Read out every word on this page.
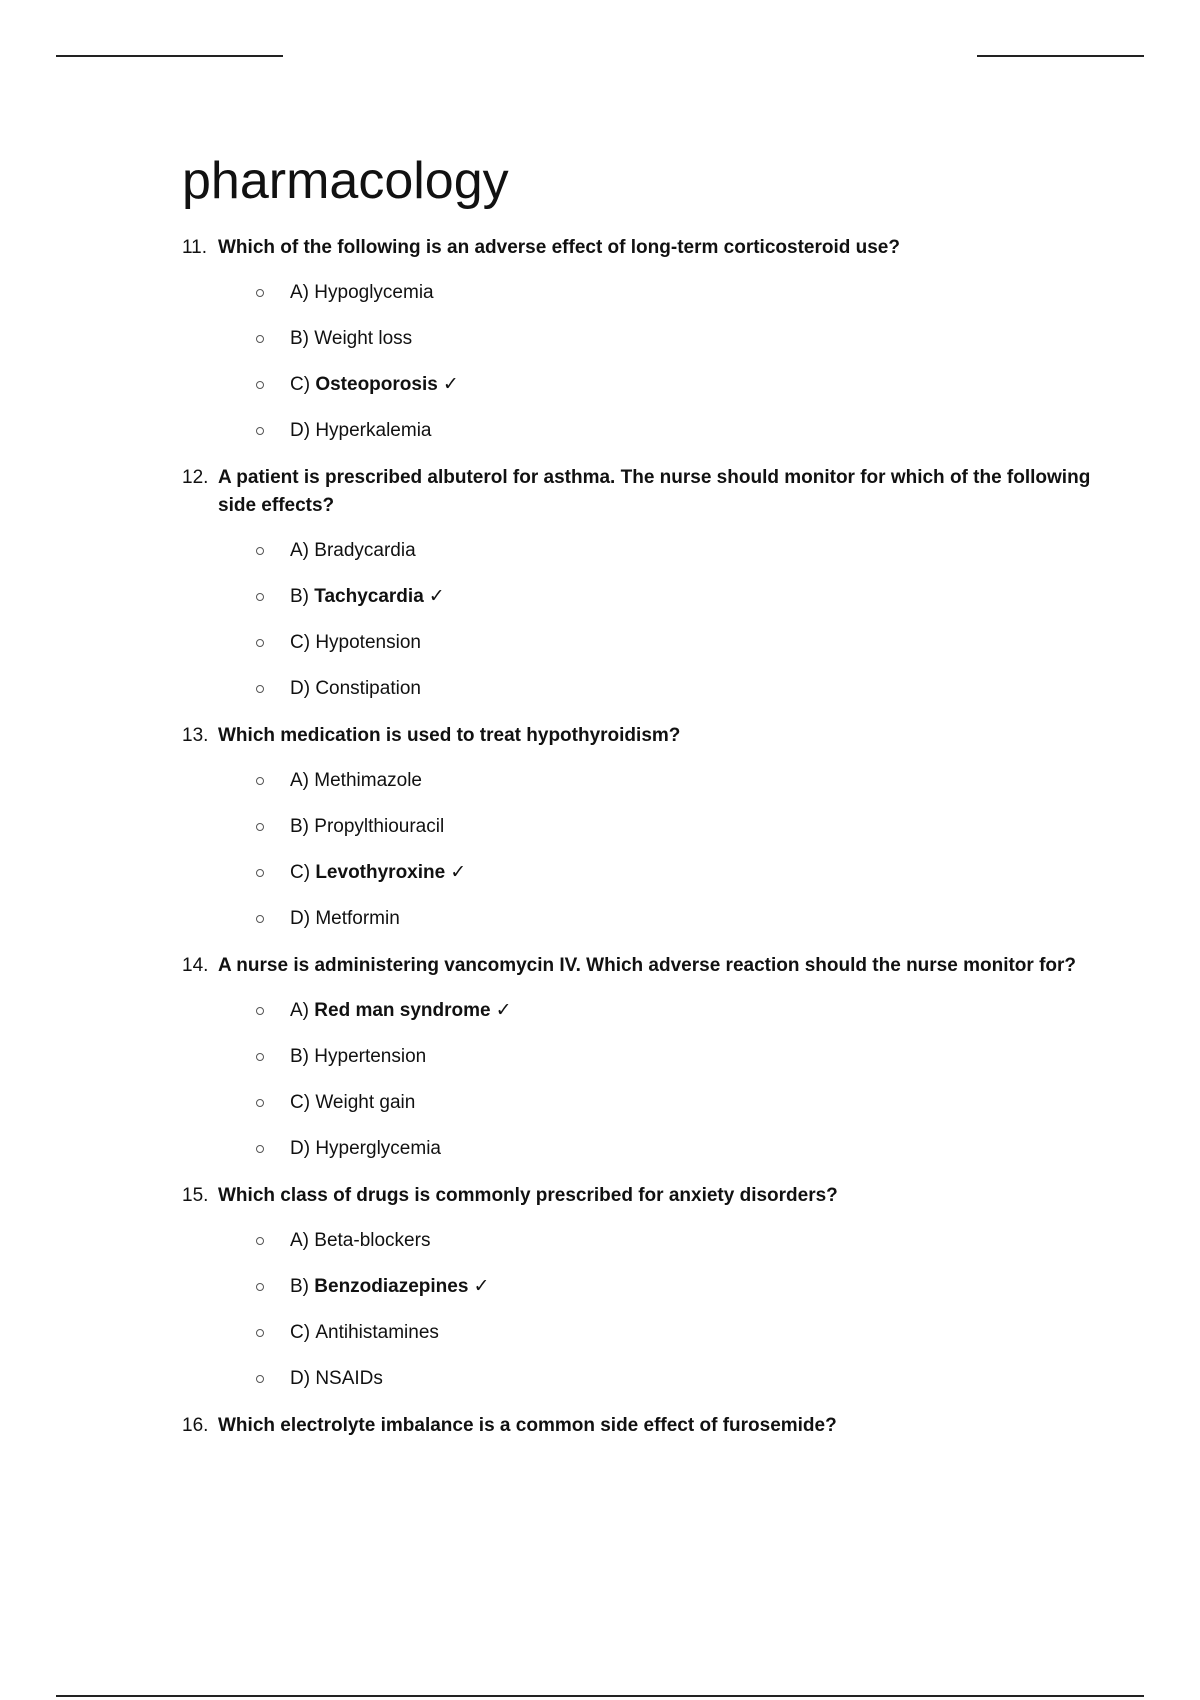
pharmacology
11. Which of the following is an adverse effect of long-term corticosteroid use?
A) Hypoglycemia
B) Weight loss
C) Osteoporosis ✓
D) Hyperkalemia
12. A patient is prescribed albuterol for asthma. The nurse should monitor for which of the following side effects?
A) Bradycardia
B) Tachycardia ✓
C) Hypotension
D) Constipation
13. Which medication is used to treat hypothyroidism?
A) Methimazole
B) Propylthiouracil
C) Levothyroxine ✓
D) Metformin
14. A nurse is administering vancomycin IV. Which adverse reaction should the nurse monitor for?
A) Red man syndrome ✓
B) Hypertension
C) Weight gain
D) Hyperglycemia
15. Which class of drugs is commonly prescribed for anxiety disorders?
A) Beta-blockers
B) Benzodiazepines ✓
C) Antihistamines
D) NSAIDs
16. Which electrolyte imbalance is a common side effect of furosemide?
